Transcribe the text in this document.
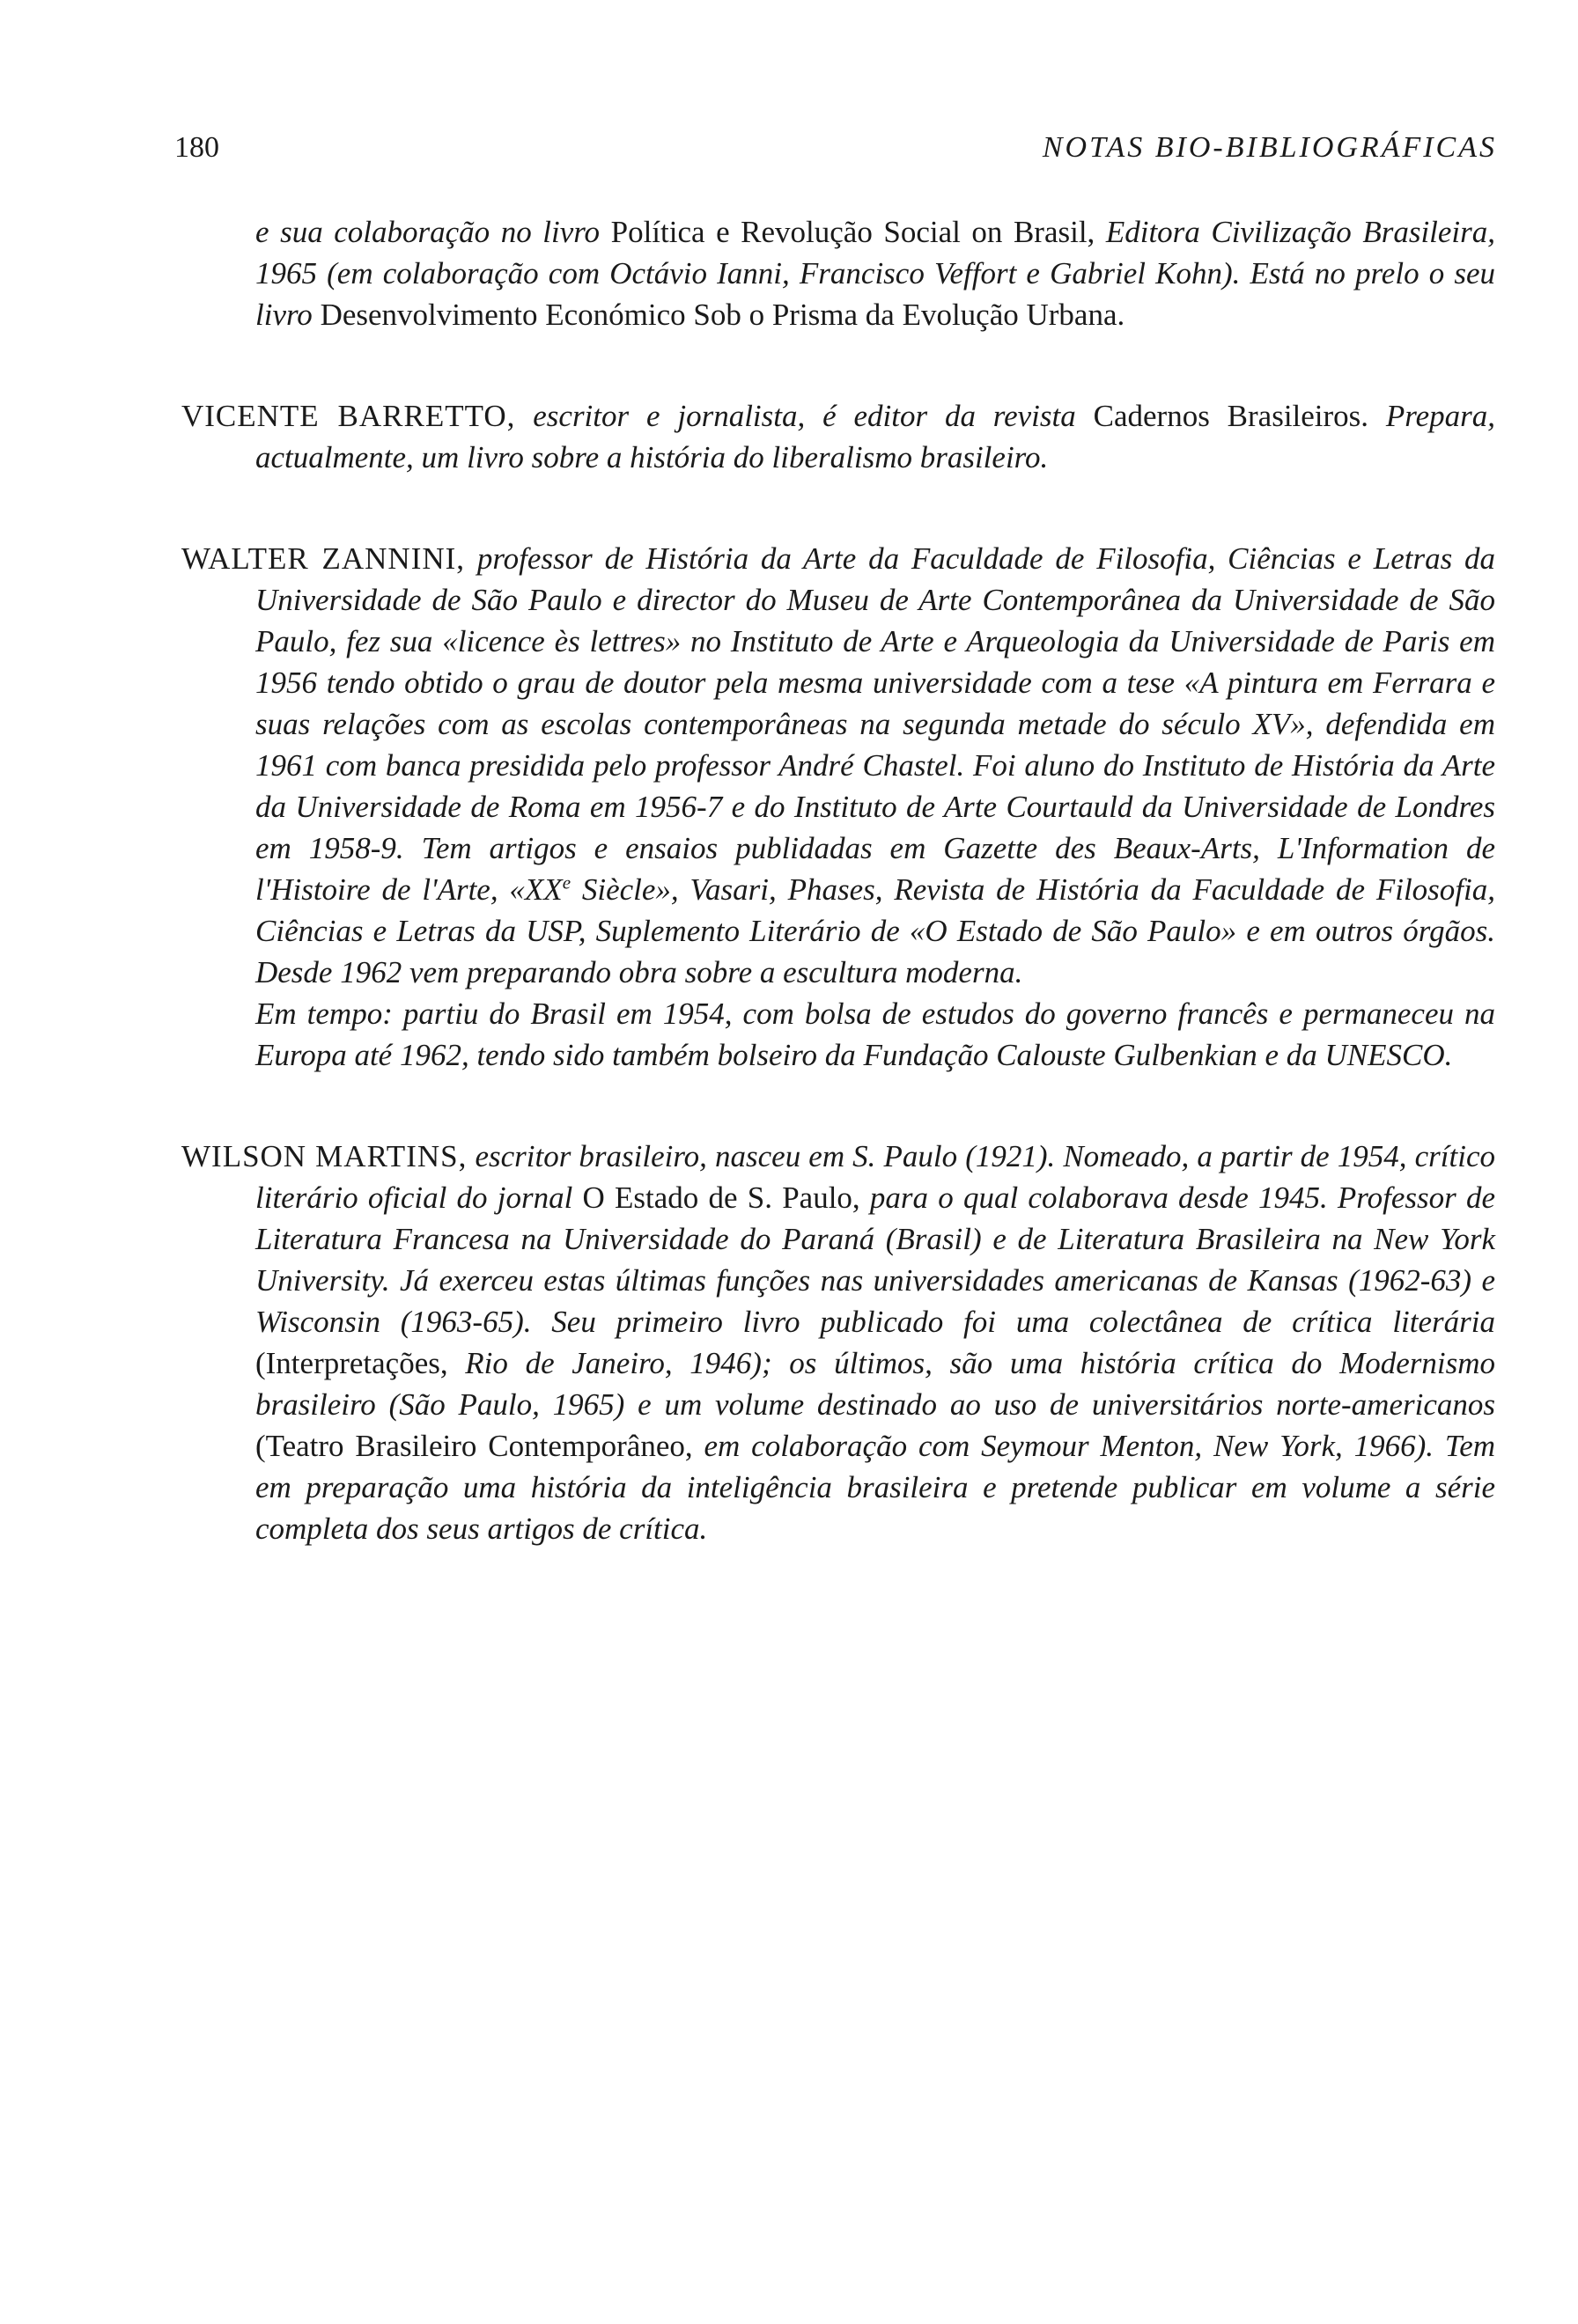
180	NOTAS BIO-BIBLIOGRÁFICAS

e sua colaboração no livro Política e Revolução Social on Brasil, Editora Civilização Brasileira, 1965 (em colaboração com Octávio Ianni, Francisco Veffort e Gabriel Kohn). Está no prelo o seu livro Desenvolvimento Económico Sob o Prisma da Evolução Urbana.

VICENTE BARRETTO, escritor e jornalista, é editor da revista Cadernos Brasileiros. Prepara, actualmente, um livro sobre a história do liberalismo brasileiro.

WALTER ZANNINI, professor de História da Arte da Faculdade de Filosofia, Ciências e Letras da Universidade de São Paulo e director do Museu de Arte Contemporânea da Universidade de São Paulo, fez sua «licence ès lettres» no Instituto de Arte e Arqueologia da Universidade de Paris em 1956 tendo obtido o grau de doutor pela mesma universidade com a tese «A pintura em Ferrara e suas relações com as escolas contemporâneas na segunda metade do século XV», defendida em 1961 com banca presidida pelo professor André Chastel. Foi aluno do Instituto de História da Arte da Universidade de Roma em 1956-7 e do Instituto de Arte Courtauld da Universidade de Londres em 1958-9. Tem artigos e ensaios publidadas em Gazette des Beaux-Arts, L'Information de l'Histoire de l'Arte, «XXe Siècle», Vasari, Phases, Revista de História da Faculdade de Filosofia, Ciências e Letras da USP, Suplemento Literário de «O Estado de São Paulo» e em outros órgãos. Desde 1962 vem preparando obra sobre a escultura moderna.
Em tempo: partiu do Brasil em 1954, com bolsa de estudos do governo francês e permaneceu na Europa até 1962, tendo sido também bolseiro da Fundação Calouste Gulbenkian e da UNESCO.

WILSON MARTINS, escritor brasileiro, nasceu em S. Paulo (1921). Nomeado, a partir de 1954, crítico literário oficial do jornal O Estado de S. Paulo, para o qual colaborava desde 1945. Professor de Literatura Francesa na Universidade do Paraná (Brasil) e de Literatura Brasileira na New York University. Já exerceu estas últimas funções nas universidades americanas de Kansas (1962-63) e Wisconsin (1963-65). Seu primeiro livro publicado foi uma colectânea de crítica literária (Interpretações, Rio de Janeiro, 1946); os últimos, são uma história crítica do Modernismo brasileiro (São Paulo, 1965) e um volume destinado ao uso de universitários norte-americanos (Teatro Brasileiro Contemporâneo, em colaboração com Seymour Menton, New York, 1966). Tem em preparação uma história da inteligência brasileira e pretende publicar em volume a série completa dos seus artigos de crítica.
